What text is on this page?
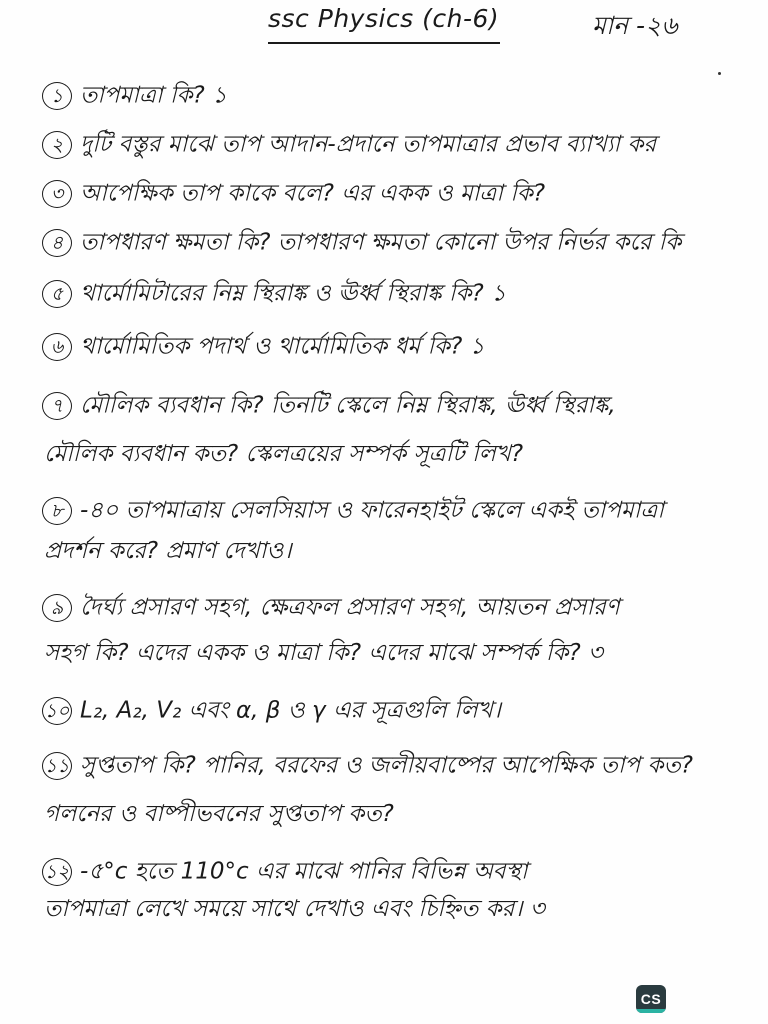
ssc Physics (ch-6)	মান -২৬
১ তাপমাত্রা কি? ১
২ দুটি বস্তুর মাঝে তাপ আদান-প্রদানে তাপমাত্রার প্রভাব ব্যাখ্যা কর
৩ আপেক্ষিক তাপ কাকে বলে? এর একক ও মাত্রা কি?
৪ তাপধারণ ক্ষমতা কি? তাপধারণ ক্ষমতা কোনো উপর নির্ভর করে কি
৫ থার্মোমিটারের নিম্ন স্থিরাঙ্ক ও ঊর্ধ্ব স্থিরাঙ্ক কি? ১
৬ থার্মোমিতিক পদার্থ ও থার্মোমিতিক ধর্ম কি? ১
৭ মৌলিক ব্যবধান কি? তিনটি স্কেলে নিম্ন স্থিরাঙ্ক, ঊর্ধ্ব স্থিরাঙ্ক,
মৌলিক ব্যবধান কত? স্কেলত্রয়ের সম্পর্ক সূত্রটি লিখ?
৮ -৪০ তাপমাত্রায় সেলসিয়াস ও ফারেনহাইট স্কেলে একই তাপমাত্রা
প্রদর্শন করে? প্রমাণ দেখাও।
৯ দৈর্ঘ্য প্রসারণ সহগ, ক্ষেত্রফল প্রসারণ সহগ, আয়তন প্রসারণ
সহগ কি? এদের একক ও মাত্রা কি? এদের মাঝে সম্পর্ক কি? ৩
১০ L₂, A₂, V₂ এবং α, β ও γ এর সূত্রগুলি লিখ।
১১ সুপ্ততাপ কি? পানির, বরফের ও জলীয়বাষ্পের আপেক্ষিক তাপ কত?
গলনের ও বাষ্পীভবনের সুপ্ততাপ কত?
১২ -৫°c হতে 110°c এর মাঝে পানির বিভিন্ন অবস্থা
তাপমাত্রা লেখে সময়ে সাথে দেখাও এবং চিহ্নিত কর। ৩
CS
